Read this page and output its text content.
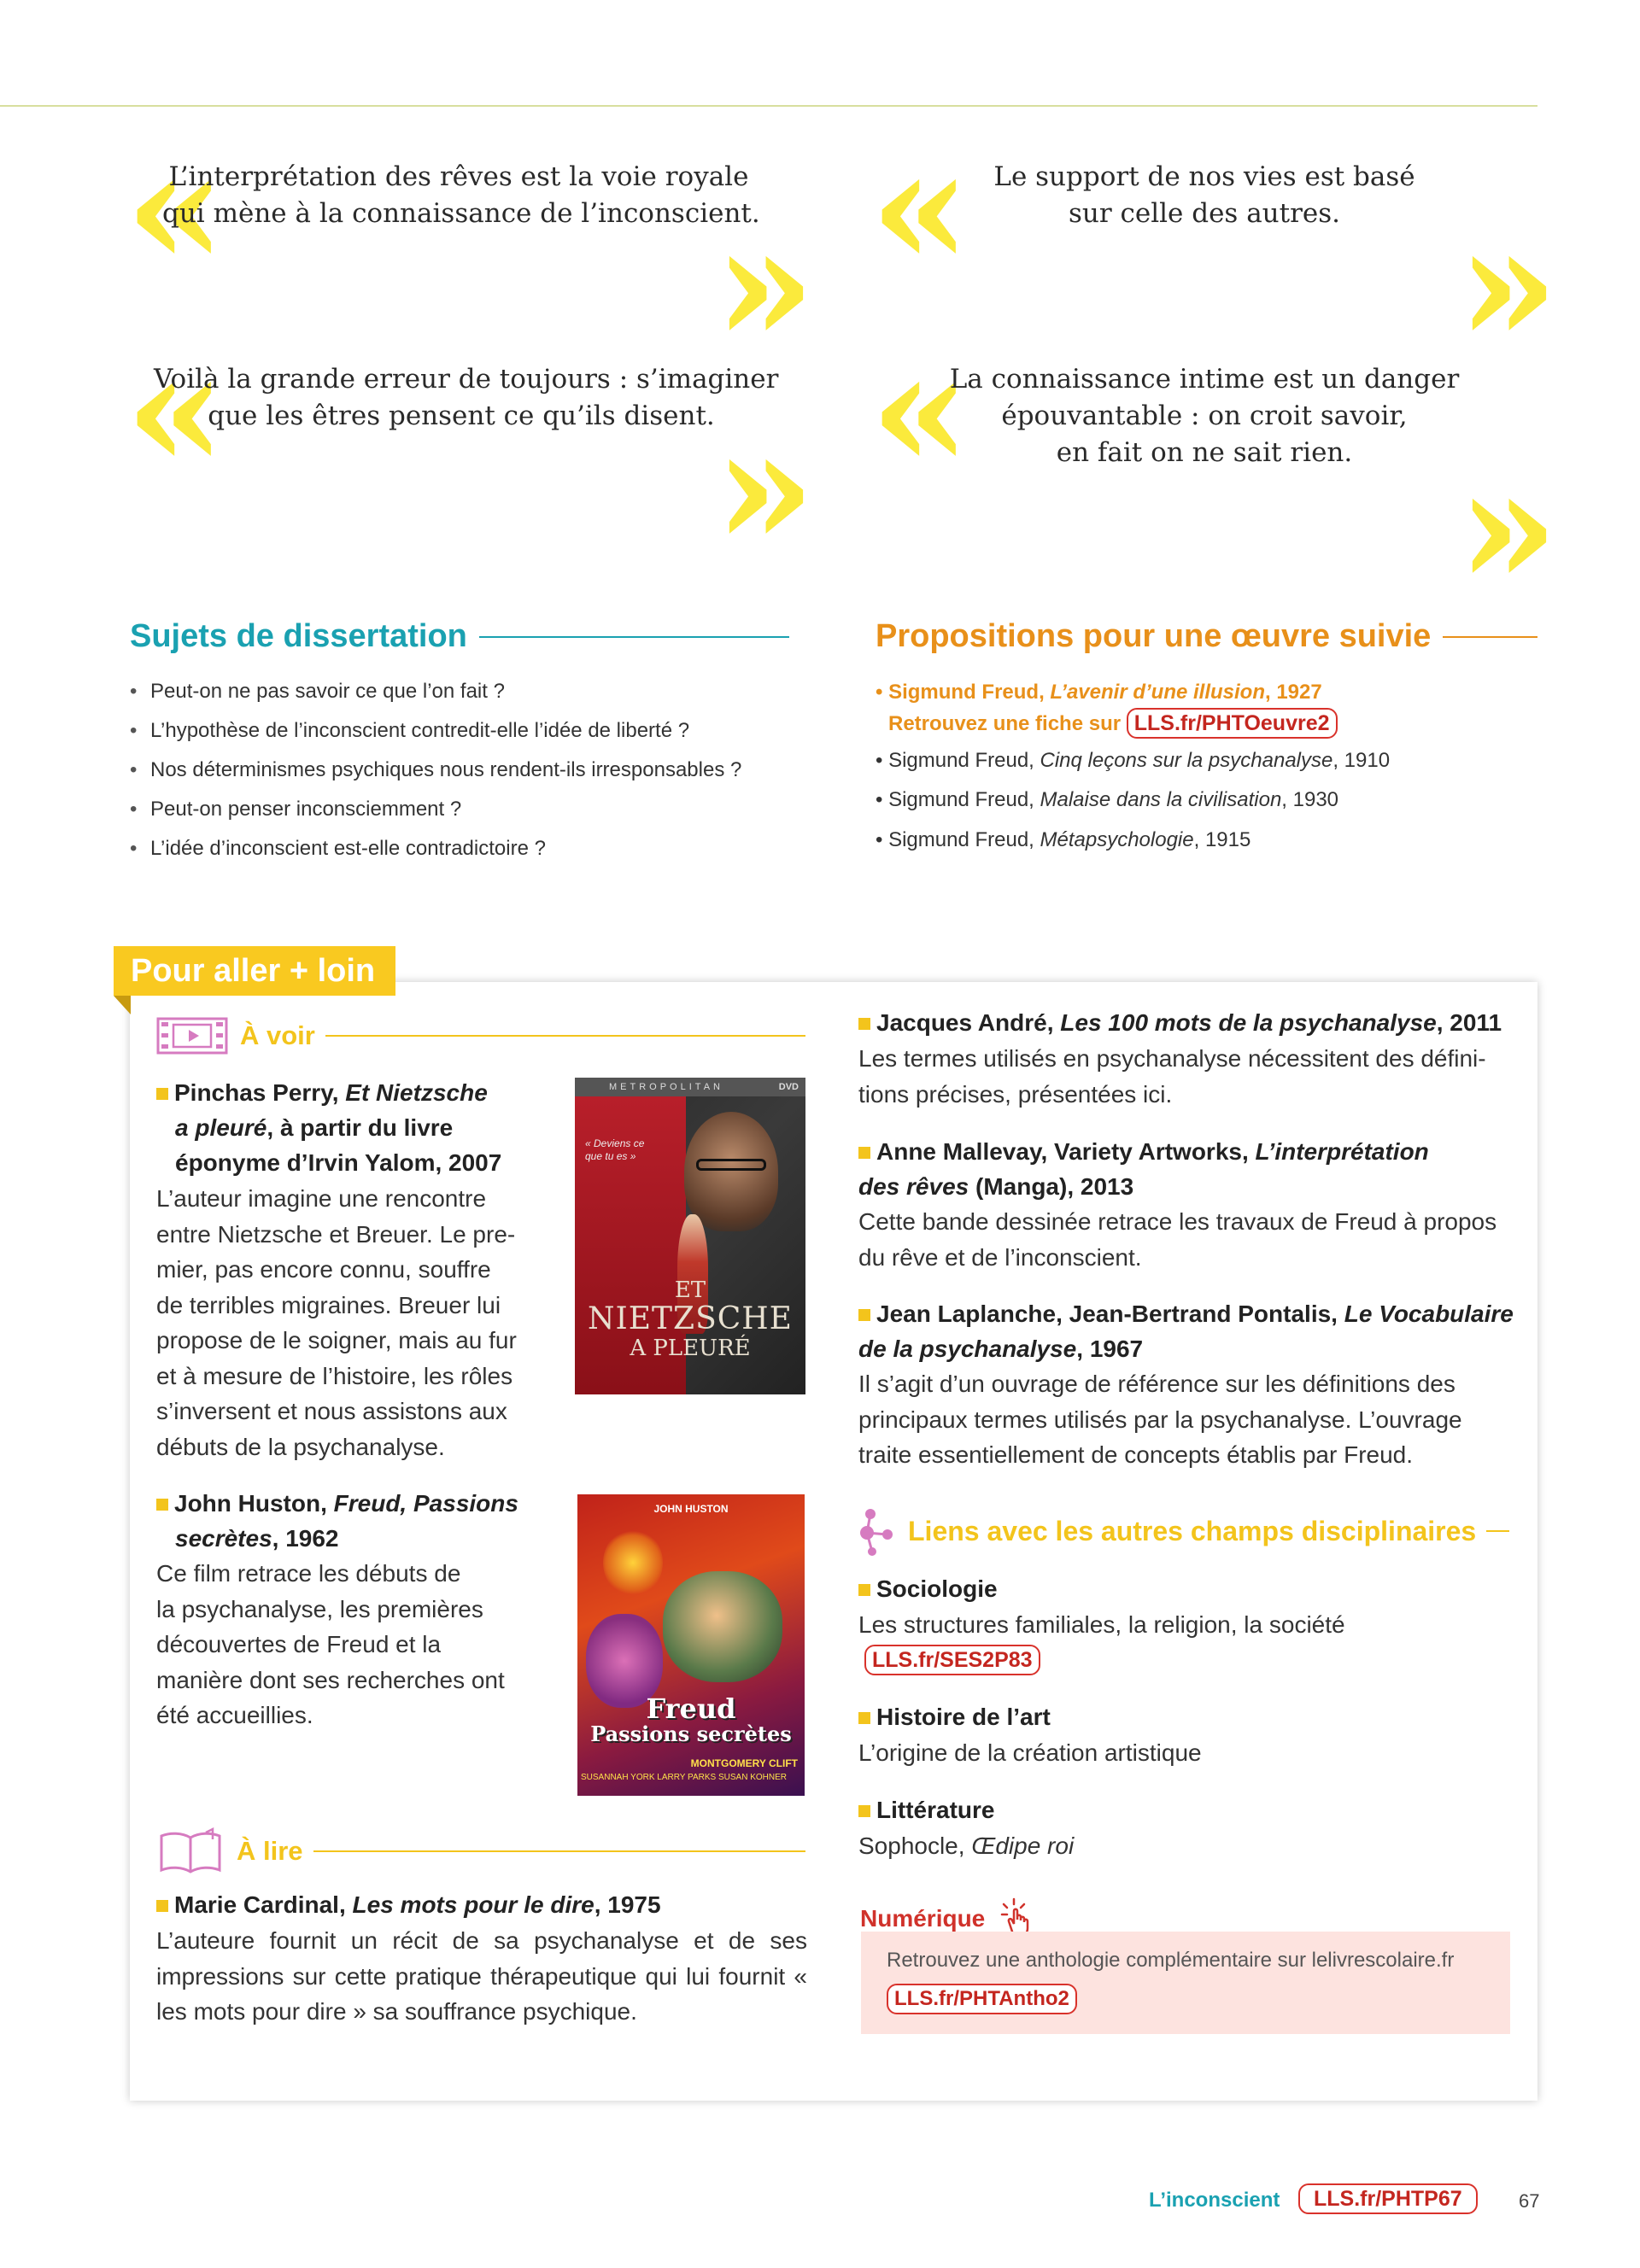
«
L’interprétation des rêves est la voie royale
qui mène à la connaissance de l’inconscient.
» « Le support de nos vies est basé
sur celle des autres. »
«
Voilà la grande erreur de toujours : s’imaginer
que les êtres pensent ce qu’ils disent. » «
La connaissance intime est un danger
épouvantable : on croit savoir,
en fait on ne sait rien. »
Sujets de dissertation
• Peut-on ne pas savoir ce que l’on fait ?
• L’hypothèse de l’inconscient contredit-elle l’idée de liberté ?
• Nos déterminismes psychiques nous rendent-ils irresponsables ?
• Peut-on penser inconsciemment ?
• L’idée d’inconscient est-elle contradictoire ?
Propositions pour une œuvre suivie
• Sigmund Freud, L’avenir d’une illusion, 1927
Retrouvez une fiche sur LLS.fr/PHTOeuvre2
• Sigmund Freud, Cinq leçons sur la psychanalyse, 1910
• Sigmund Freud, Malaise dans la civilisation, 1930
• Sigmund Freud, Métapsychologie, 1915
Pour aller + loin
À voir
Pinchas Perry, Et Nietzsche
a pleuré, à partir du livre
éponyme d’Irvin Yalom, 2007
L’auteur imagine une rencontre
entre Nietzsche et Breuer. Le pre-
mier, pas encore connu, souffre
de terribles migraines. Breuer lui
propose de le soigner, mais au fur
et à mesure de l’histoire, les rôles
s’inversent et nous assistons aux
débuts de la psychanalyse.
METROPOLITAN	DVD
« Deviens ce que tu es »
ET
NIETZSCHE
A PLEURÉ
John Huston, Freud, Passions
secrètes, 1962
Ce film retrace les débuts de
la psychanalyse, les premières
découvertes de Freud et la
manière dont ses recherches ont
été accueillies.
JOHN HUSTON
Freud
Passions secrètes
MONTGOMERY CLIFT
SUSANNAH YORK LARRY PARKS SUSAN KOHNER
À lire
Marie Cardinal, Les mots pour le dire, 1975
L’auteure fournit un récit de sa psychanalyse et de ses impressions sur cette pratique thérapeutique qui lui fournit « les mots pour dire » sa souffrance psychique.
Jacques André, Les 100 mots de la psychanalyse, 2011
Les termes utilisés en psychanalyse nécessitent des défini-
tions précises, présentées ici.
Anne Mallevay, Variety Artworks, L’interprétation des rêves (Manga), 2013
Cette bande dessinée retrace les travaux de Freud à propos
du rêve et de l’inconscient.
Jean Laplanche, Jean-Bertrand Pontalis, Le Vocabulaire de la psychanalyse, 1967
Il s’agit d’un ouvrage de référence sur les définitions des
principaux termes utilisés par la psychanalyse. L’ouvrage
traite essentiellement de concepts établis par Freud.
Liens avec les autres champs disciplinaires
Sociologie
Les structures familiales, la religion, la société
LLS.fr/SES2P83
Histoire de l’art
L’origine de la création artistique
Littérature
Sophocle, Œdipe roi
Numérique
Retrouvez une anthologie complémentaire sur lelivrescolaire.fr
LLS.fr/PHTAntho2
L’inconscient	LLS.fr/PHTP67	67
